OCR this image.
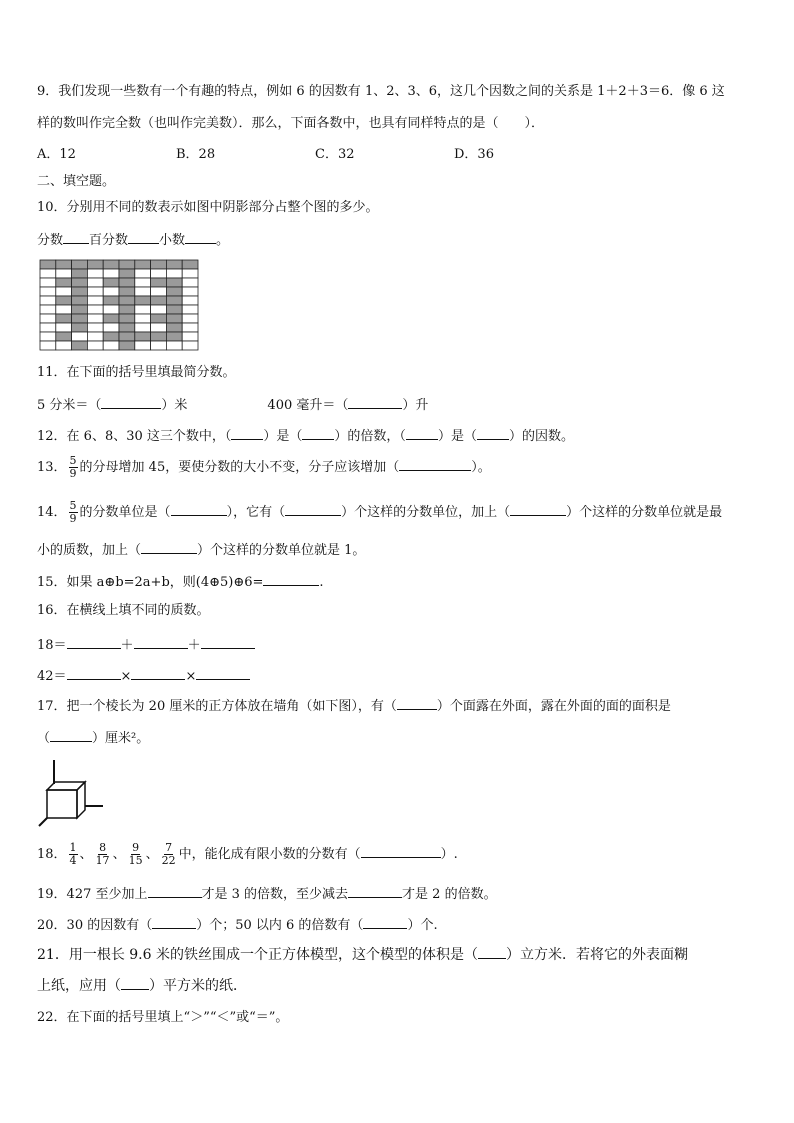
9．我们发现一些数有一个有趣的特点，例如 6 的因数有 1、2、3、6，这几个因数之间的关系是 1＋2＋3＝6．像 6 这
样的数叫作完全数（也叫作完美数）．那么，下面各数中，也具有同样特点的是（　　）．
A．12	B．28	C．32	D．36
二、填空题。
10．分别用不同的数表示如图中阴影部分占整个图的多少。
分数 百分数 小数 。
11．在下面的括号里填最简分数。
5 分米＝（	）米	400 毫升＝（	）升
12．在 6、8、30 这三个数中，（ ）是（ ）的倍数，（ ）是（ ）的因数。
13． $\frac{5}{9}$ 的分母增加 45，要使分数的大小不变，分子应该增加（	）。
14． $\frac{5}{9}$ 的分数单位是（	），它有（	）个这样的分数单位，加上（	）个这样的分数单位就是最
小的质数，加上（	）个这样的分数单位就是 1。
15．如果 a⊕b=2a+b，则(4⊕5)⊕6=	.
16．在横线上填不同的质数。
18＝	＋	＋
42＝	×	×
17．把一个棱长为 20 厘米的正方体放在墙角（如下图），有（	）个面露在外面，露在外面的面的面积是
（	）厘米²。
18． $\frac{1}{4}$ 、 $\frac{8}{17}$ 、 $\frac{9}{15}$ 、 $\frac{7}{22}$ 中，能化成有限小数的分数有（	）.
19．427 至少加上	才是 3 的倍数，至少减去	才是 2 的倍数。
20．30 的因数有（	）个；50 以内 6 的倍数有（	）个.
21．用一根长 9.6 米的铁丝围成一个正方体模型，这个模型的体积是（ ）立方米．若将它的外表面糊
上纸，应用（ ）平方米的纸．
22．在下面的括号里填上“＞”“＜”或“＝”。
